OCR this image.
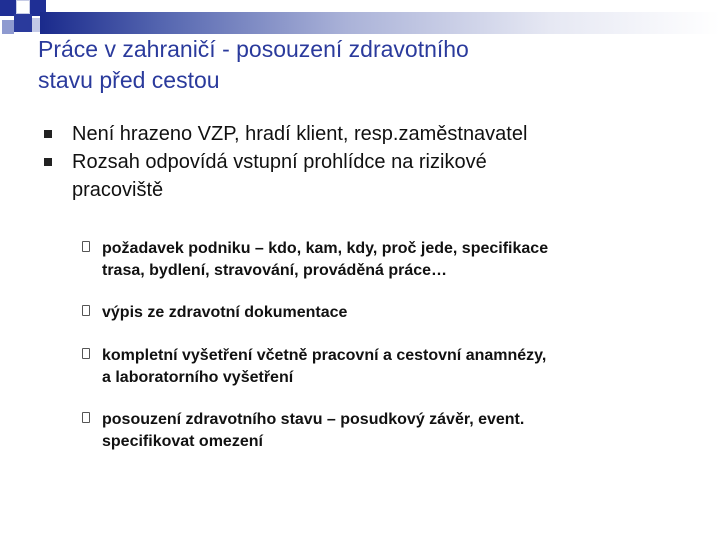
Práce v zahraničí - posouzení zdravotního
stavu před cestou
Není hrazeno VZP, hradí klient, resp.zaměstnavatel
Rozsah odpovídá vstupní prohlídce na rizikové
pracoviště
požadavek podniku – kdo, kam, kdy, proč jede, specifikace
trasa, bydlení, stravování, prováděná práce…
výpis ze zdravotní dokumentace
kompletní vyšetření včetně pracovní a cestovní anamnézy,
a laboratorního vyšetření
posouzení zdravotního stavu – posudkový závěr, event.
specifikovat omezení
